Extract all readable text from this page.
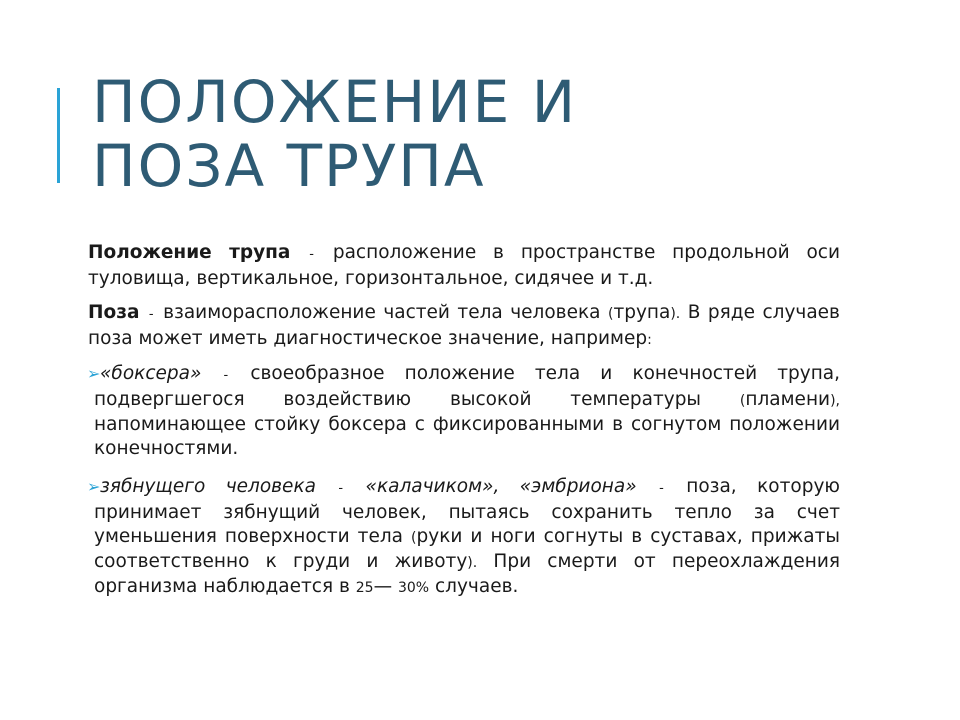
ПОЛОЖЕНИЕ И
ПОЗА ТРУПА

Положение трупа - расположение в пространстве продольной оси туловища, вертикальное, горизонтальное, сидячее и т.д.

Поза - взаиморасположение частей тела человека (трупа). В ряде случаев поза может иметь диагностическое значение, например:

➢ «боксера» - своеобразное положение тела и конечностей трупа, подвергшегося воздействию высокой температуры	(пламени), напоминающее стойку боксера с фиксированными в согнутом положении конечностями.
➢ зябнущего человека - «калачиком», «эмбриона» - поза, которую принимает зябнущий человек, пытаясь сохранить тепло за счет уменьшения поверхности тела (руки и ноги согнуты в суставах, прижаты соответственно к груди и животу). При смерти от переохлаждения организма наблюдается в 25— 30% случаев.
